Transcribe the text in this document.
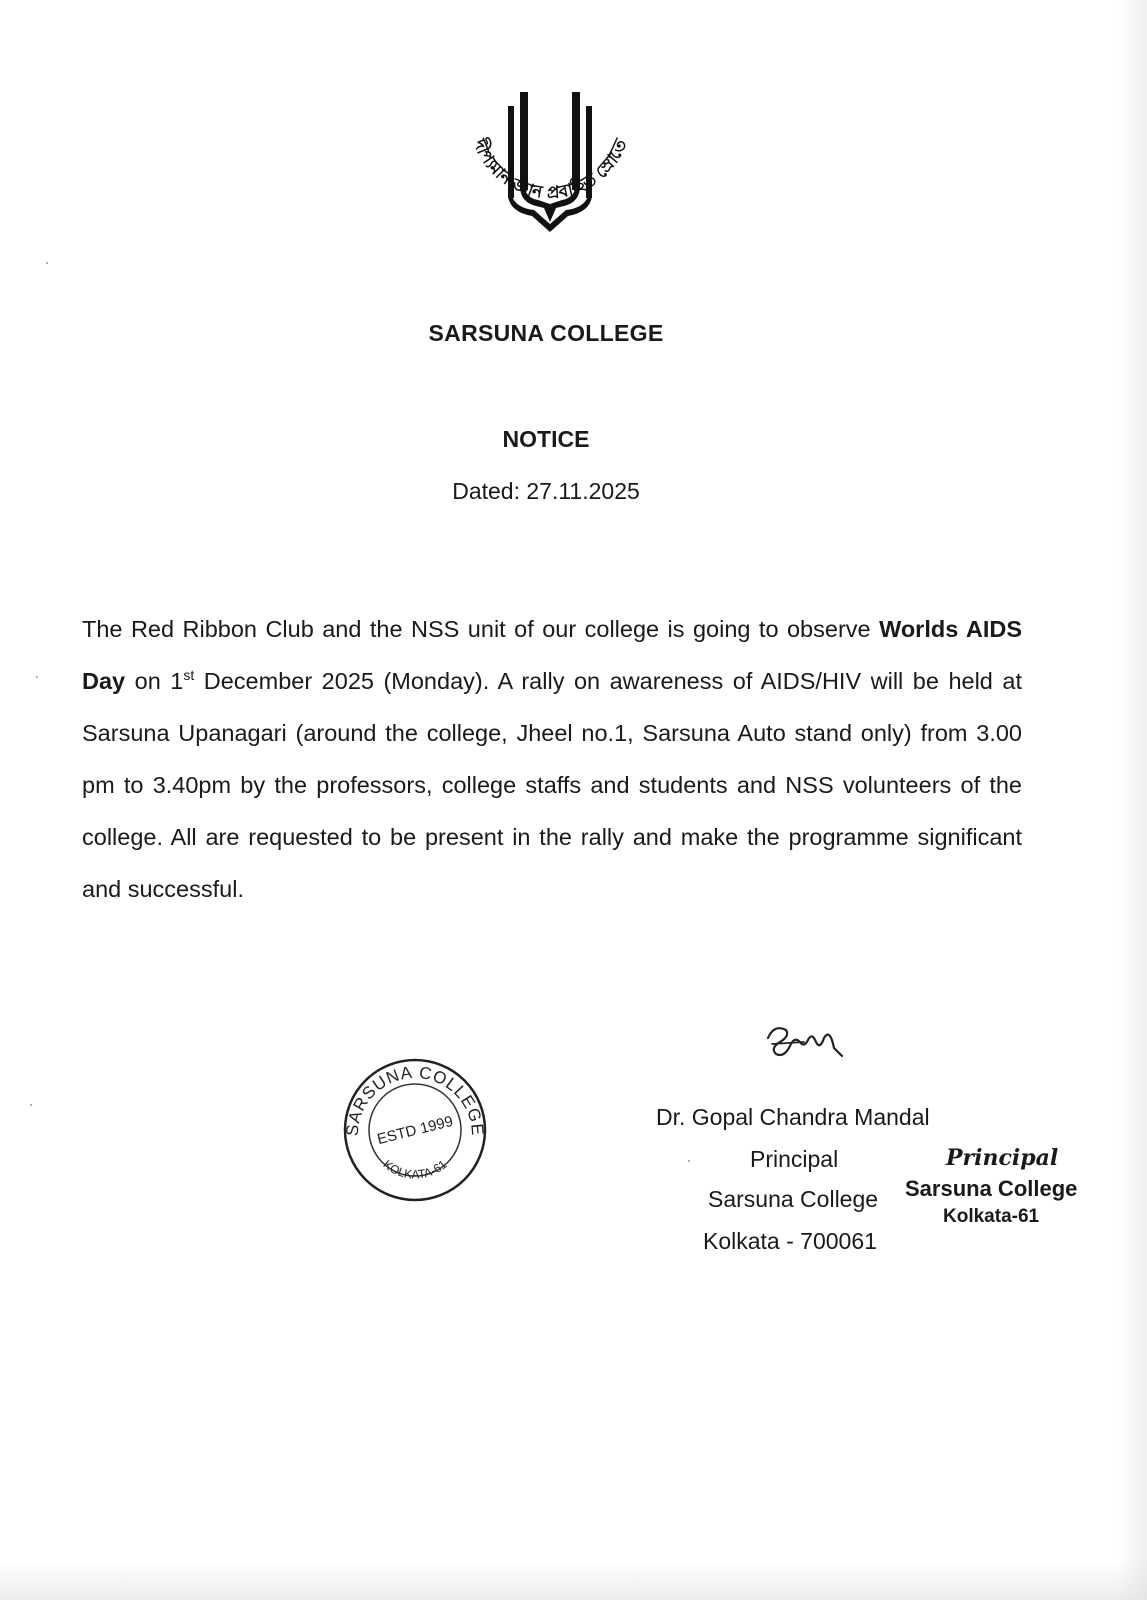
দীপ্যমান জ্ঞান প্রবাহিত স্রোতে
SARSUNA COLLEGE
NOTICE
Dated: 27.11.2025
The Red Ribbon Club and the NSS unit of our college is going to observe Worlds AIDS Day on 1st December 2025 (Monday). A rally on awareness of AIDS/HIV will be held at Sarsuna Upanagari (around the college, Jheel no.1, Sarsuna Auto stand only) from 3.00 pm to 3.40pm by the professors, college staffs and students and NSS volunteers of the college. All are requested to be present in the rally and make the programme significant and successful.
SARSUNA COLLEGE
KOLKATA-61
ESTD 1999	Dr. Gopal Chandra Mandal
Principal
Sarsuna College
Kolkata - 700061
Principal
Sarsuna College
Kolkata-61
